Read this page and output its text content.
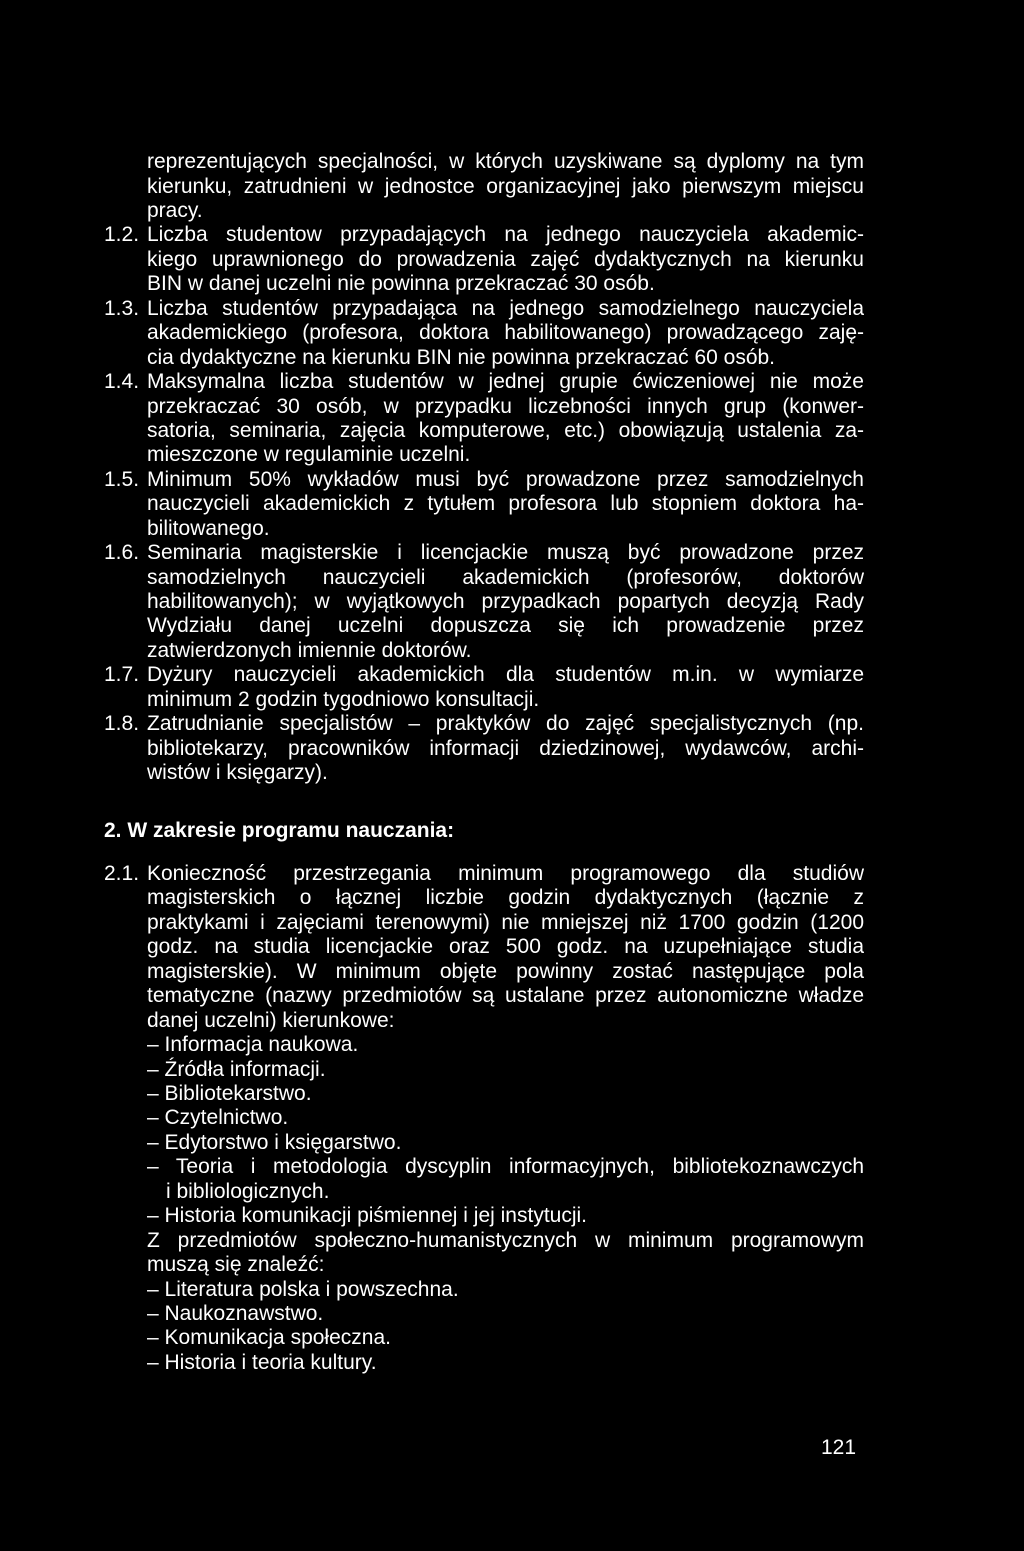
reprezentujących specjalności, w których uzyskiwane są dyplomy na tym
kierunku, zatrudnieni w jednostce organizacyjnej jako pierwszym miejscu
pracy.
1.2. Liczba studentow przypadających na jednego nauczyciela akademic-
kiego uprawnionego do prowadzenia zajęć dydaktycznych na kierunku
BIN w danej uczelni nie powinna przekraczać 30 osób.
1.3. Liczba studentów przypadająca na jednego samodzielnego nauczyciela
akademickiego (profesora, doktora habilitowanego) prowadzącego zaję-
cia dydaktyczne na kierunku BIN nie powinna przekraczać 60 osób.
1.4. Maksymalna liczba studentów w jednej grupie ćwiczeniowej nie może
przekraczać 30 osób, w przypadku liczebności innych grup (konwer-
satoria, seminaria, zajęcia komputerowe, etc.) obowiązują ustalenia za-
mieszczone w regulaminie uczelni.
1.5. Minimum 50% wykładów musi być prowadzone przez samodzielnych
nauczycieli akademickich z tytułem profesora lub stopniem doktora ha-
bilitowanego.
1.6. Seminaria magisterskie i licencjackie muszą być prowadzone przez
samodzielnych nauczycieli akademickich (profesorów, doktorów
habilitowanych); w wyjątkowych przypadkach popartych decyzją Rady
Wydziału danej uczelni dopuszcza się ich prowadzenie przez
zatwierdzonych imiennie doktorów.
1.7. Dyżury nauczycieli akademickich dla studentów m.in. w wymiarze
minimum 2 godzin tygodniowo konsultacji.
1.8. Zatrudnianie specjalistów – praktyków do zajęć specjalistycznych (np.
bibliotekarzy, pracowników informacji dziedzinowej, wydawców, archi-
wistów i księgarzy).
2. W zakresie programu nauczania:
2.1. Konieczność przestrzegania minimum programowego dla studiów
magisterskich o łącznej liczbie godzin dydaktycznych (łącznie z
praktykami i zajęciami terenowymi) nie mniejszej niż 1700 godzin (1200
godz. na studia licencjackie oraz 500 godz. na uzupełniające studia
magisterskie). W minimum objęte powinny zostać następujące pola
tematyczne (nazwy przedmiotów są ustalane przez autonomiczne władze
danej uczelni) kierunkowe:
– Informacja naukowa.
– Źródła informacji.
– Bibliotekarstwo.
– Czytelnictwo.
– Edytorstwo i księgarstwo.
– Teoria i metodologia dyscyplin informacyjnych, bibliotekoznawczych
i bibliologicznych.
– Historia komunikacji piśmiennej i jej instytucji.
Z przedmiotów społeczno-humanistycznych w minimum programowym
muszą się znaleźć:
– Literatura polska i powszechna.
– Naukoznawstwo.
– Komunikacja społeczna.
– Historia i teoria kultury.
121
